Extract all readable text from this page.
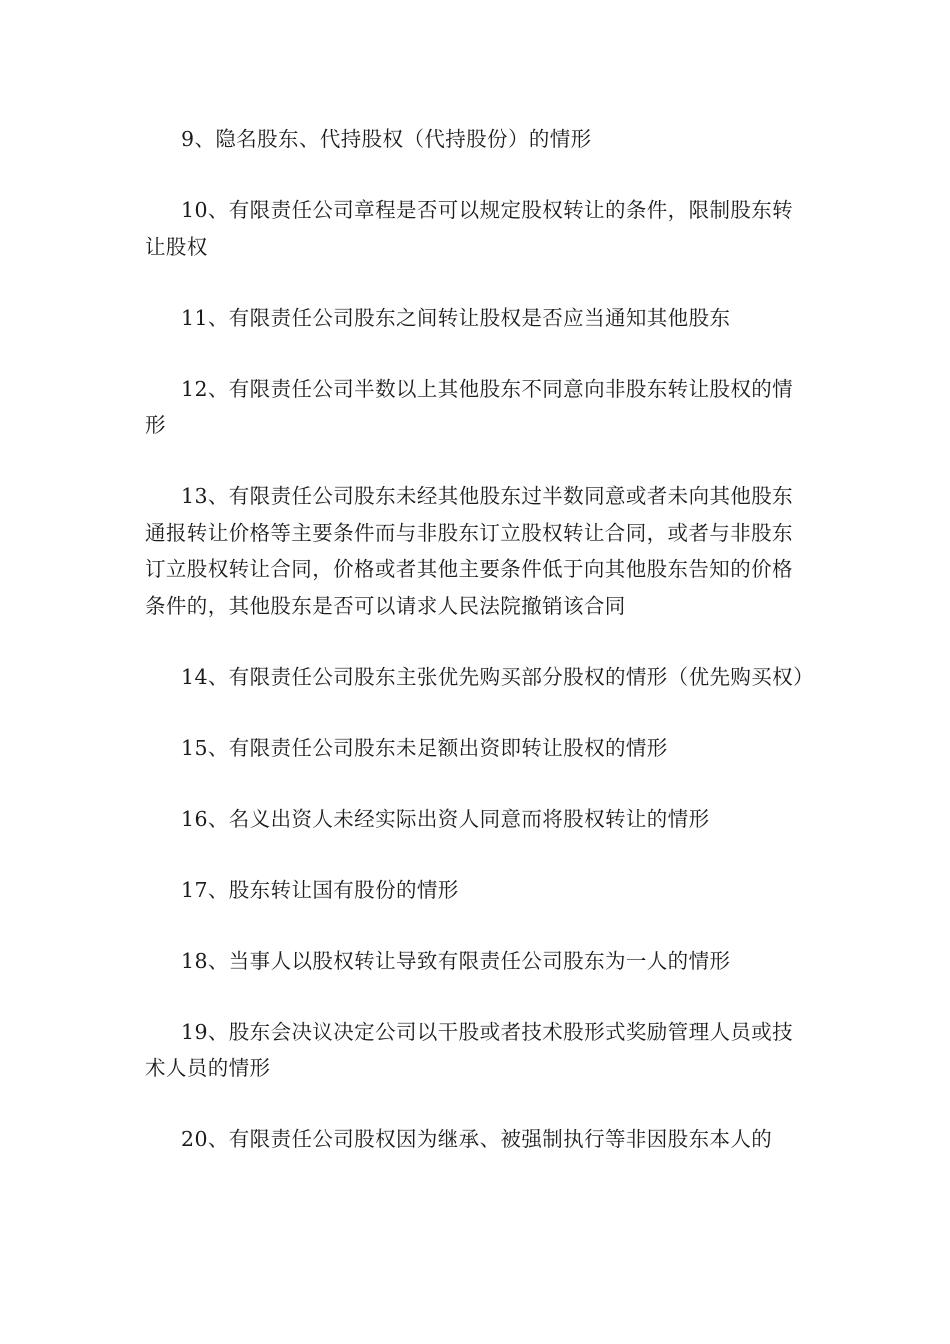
9、隐名股东、代持股权（代持股份）的情形

10、有限责任公司章程是否可以规定股权转让的条件，限制股东转让股权

11、有限责任公司股东之间转让股权是否应当通知其他股东

12、有限责任公司半数以上其他股东不同意向非股东转让股权的情形

13、有限责任公司股东未经其他股东过半数同意或者未向其他股东通报转让价格等主要条件而与非股东订立股权转让合同，或者与非股东订立股权转让合同，价格或者其他主要条件低于向其他股东告知的价格条件的，其他股东是否可以请求人民法院撤销该合同

14、有限责任公司股东主张优先购买部分股权的情形（优先购买权）

15、有限责任公司股东未足额出资即转让股权的情形

16、名义出资人未经实际出资人同意而将股权转让的情形

17、股东转让国有股份的情形

18、当事人以股权转让导致有限责任公司股东为一人的情形

19、股东会决议决定公司以干股或者技术股形式奖励管理人员或技术人员的情形

20、有限责任公司股权因为继承、被强制执行等非因股东本人的
